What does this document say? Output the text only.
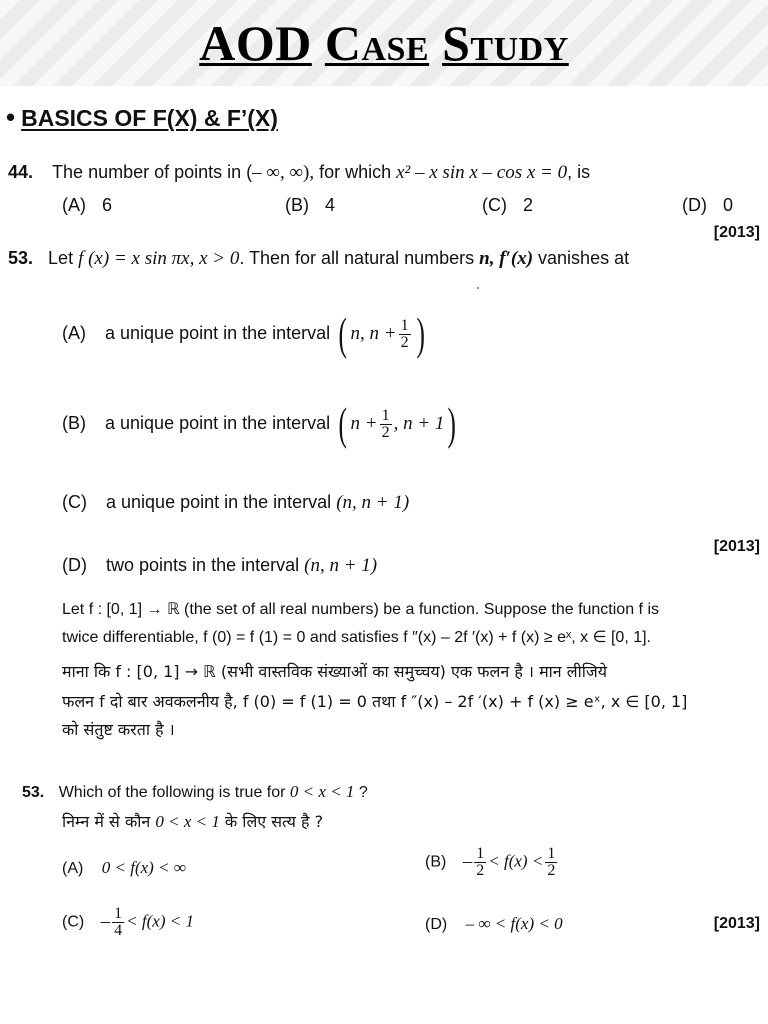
AOD CASE STUDY
• BASICS OF F(X) & F’(X)
44. The number of points in (– ∞, ∞), for which x² – x sin x – cos x = 0, is
(A) 6	(B) 4	(C) 2	(D) 0
[2013]
53. Let f (x) = x sin πx, x > 0. Then for all natural numbers n, f′(x) vanishes at
(A) a unique point in the interval ( n, $n + \frac{1}{2}$ )
(B) a unique point in the interval ( $n + \frac{1}{2}$ , n + 1)
(C) a unique point in the interval (n, n + 1)
[2013]
(D) two points in the interval (n, n + 1)
Let f : [0, 1] → ℝ (the set of all real numbers) be a function. Suppose the function f is
twice differentiable, f (0) = f (1) = 0 and satisfies f ″(x) – 2f ′(x) + f (x) ≥ eˣ, x ∈ [0, 1].
माना कि f : [0, 1] → ℝ (सभी वास्तविक संख्याओं का समुच्चय) एक फलन है । मान लीजिये
फलन f दो बार अवकलनीय है, f (0) = f (1) = 0 तथा f ″(x) – 2f ′(x) + f (x) ≥ eˣ, x ∈ [0, 1]
को संतुष्ट करता है ।
53. Which of the following is true for 0 < x < 1 ?
निम्न में से कौन 0 < x < 1 के लिए सत्य है ?
(A) 0 < f(x) < ∞	$(B) - \frac{1}{2} < f(x) < \frac{1}{2}$
$(C) - \frac{1}{4} < f(x) < 1$	(D) – ∞ < f(x) < 0	[2013]
